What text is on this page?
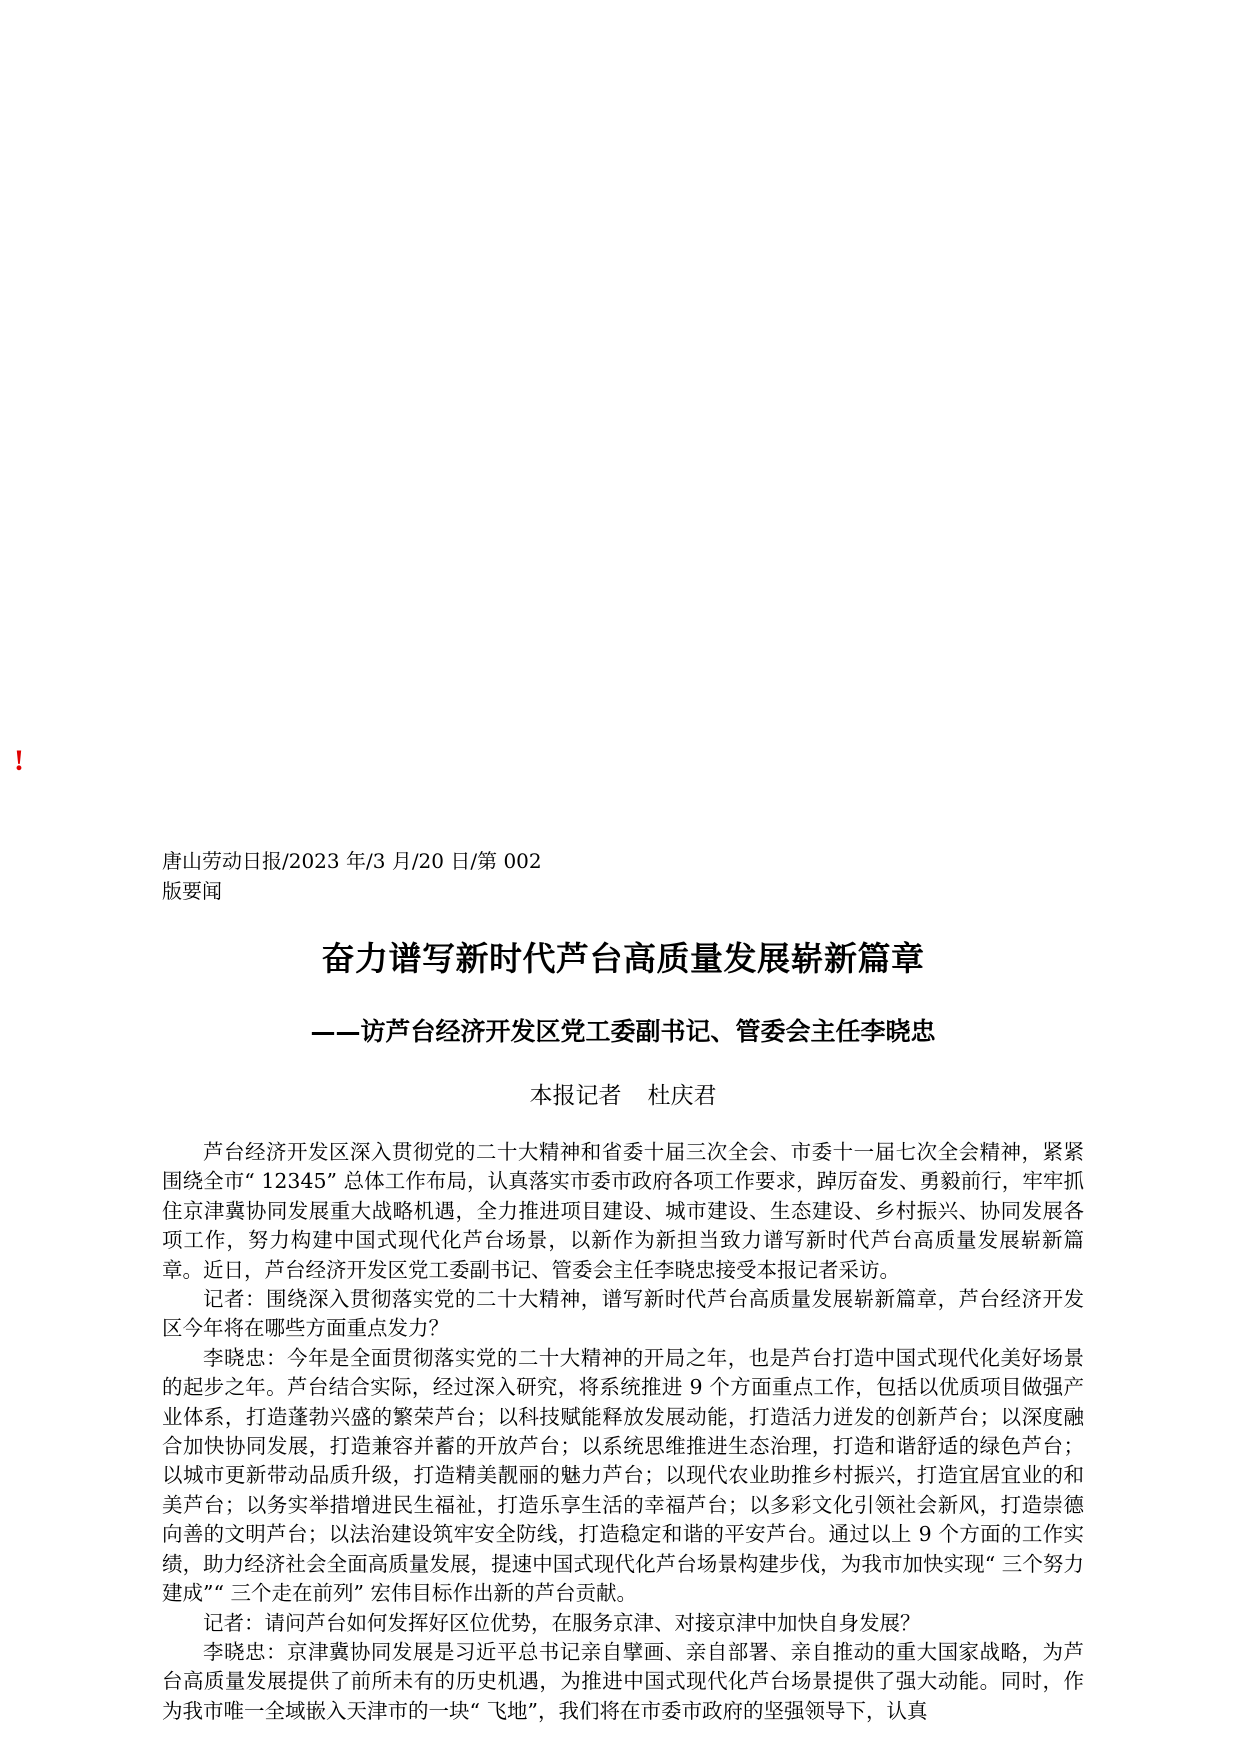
!
唐山劳动日报/2023 年/3 月/20 日/第 002
版要闻
奋力谱写新时代芦台高质量发展崭新篇章
——访芦台经济开发区党工委副书记、管委会主任李晓忠
本报记者 杜庆君

芦台经济开发区深入贯彻党的二十大精神和省委十届三次全会、市委十一届七次全会精神，紧紧围绕全市“ 12345” 总体工作布局，认真落实市委市政府各项工作要求，踔厉奋发、勇毅前行，牢牢抓住京津冀协同发展重大战略机遇，全力推进项目建设、城市建设、生态建设、乡村振兴、协同发展各项工作，努力构建中国式现代化芦台场景，以新作为新担当致力谱写新时代芦台高质量发展崭新篇章。近日，芦台经济开发区党工委副书记、管委会主任李晓忠接受本报记者采访。

记者：围绕深入贯彻落实党的二十大精神，谱写新时代芦台高质量发展崭新篇章，芦台经济开发区今年将在哪些方面重点发力？

李晓忠：今年是全面贯彻落实党的二十大精神的开局之年，也是芦台打造中国式现代化美好场景的起步之年。芦台结合实际，经过深入研究，将系统推进 9 个方面重点工作，包括以优质项目做强产业体系，打造蓬勃兴盛的繁荣芦台；以科技赋能释放发展动能，打造活力迸发的创新芦台；以深度融合加快协同发展，打造兼容并蓄的开放芦台；以系统思维推进生态治理，打造和谐舒适的绿色芦台；以城市更新带动品质升级，打造精美靓丽的魅力芦台；以现代农业助推乡村振兴，打造宜居宜业的和美芦台；以务实举措增进民生福祉，打造乐享生活的幸福芦台；以多彩文化引领社会新风，打造崇德向善的文明芦台；以法治建设筑牢安全防线，打造稳定和谐的平安芦台。通过以上 9 个方面的工作实绩，助力经济社会全面高质量发展，提速中国式现代化芦台场景构建步伐，为我市加快实现“ 三个努力建成”“ 三个走在前列” 宏伟目标作出新的芦台贡献。

记者：请问芦台如何发挥好区位优势，在服务京津、对接京津中加快自身发展？

李晓忠：京津冀协同发展是习近平总书记亲自擘画、亲自部署、亲自推动的重大国家战略，为芦台高质量发展提供了前所未有的历史机遇，为推进中国式现代化芦台场景提供了强大动能。同时，作为我市唯一全域嵌入天津市的一块“ 飞地”，我们将在市委市政府的坚强领导下，认真
